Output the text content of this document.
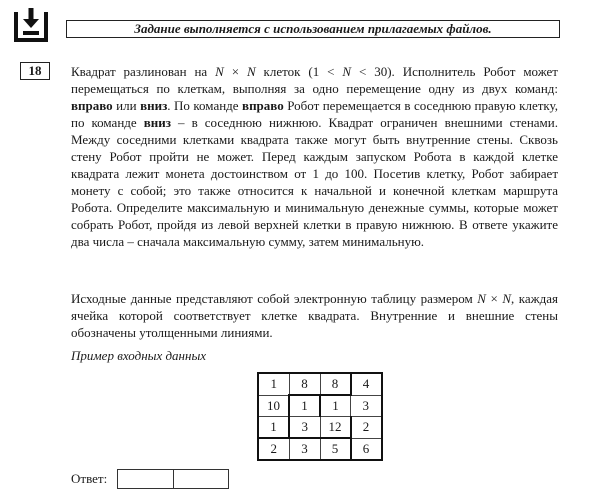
Задание выполняется с использованием прилагаемых файлов.
18	Квадрат разлинован на N × N клеток (1 < N < 30). Исполнитель Робот может перемещаться по клеткам, выполняя за одно перемещение одну из двух команд: вправо или вниз. По команде вправо Робот перемещается в соседнюю правую клетку, по команде вниз – в соседнюю нижнюю. Квадрат ограничен внешними стенами. Между соседними клетками квадрата также могут быть внутренние стены. Сквозь стену Робот пройти не может. Перед каждым запуском Робота в каждой клетке квадрата лежит монета достоинством от 1 до 100. Посетив клетку, Робот забирает монету с собой; это также относится к начальной и конечной клеткам маршрута Робота. Определите максимальную и минимальную денежные суммы, которые может собрать Робот, пройдя из левой верхней клетки в правую нижнюю. В ответе укажите два числа – сначала максимальную сумму, затем минимальную.

Исходные данные представляют собой электронную таблицу размером N × N, каждая ячейка которой соответствует клетке квадрата. Внутренние и внешние стены обозначены утолщенными линиями.

Пример входных данных
1	8	8	4
10	1	1	3
1	3	12	2
2	3	5	6
Ответ:
